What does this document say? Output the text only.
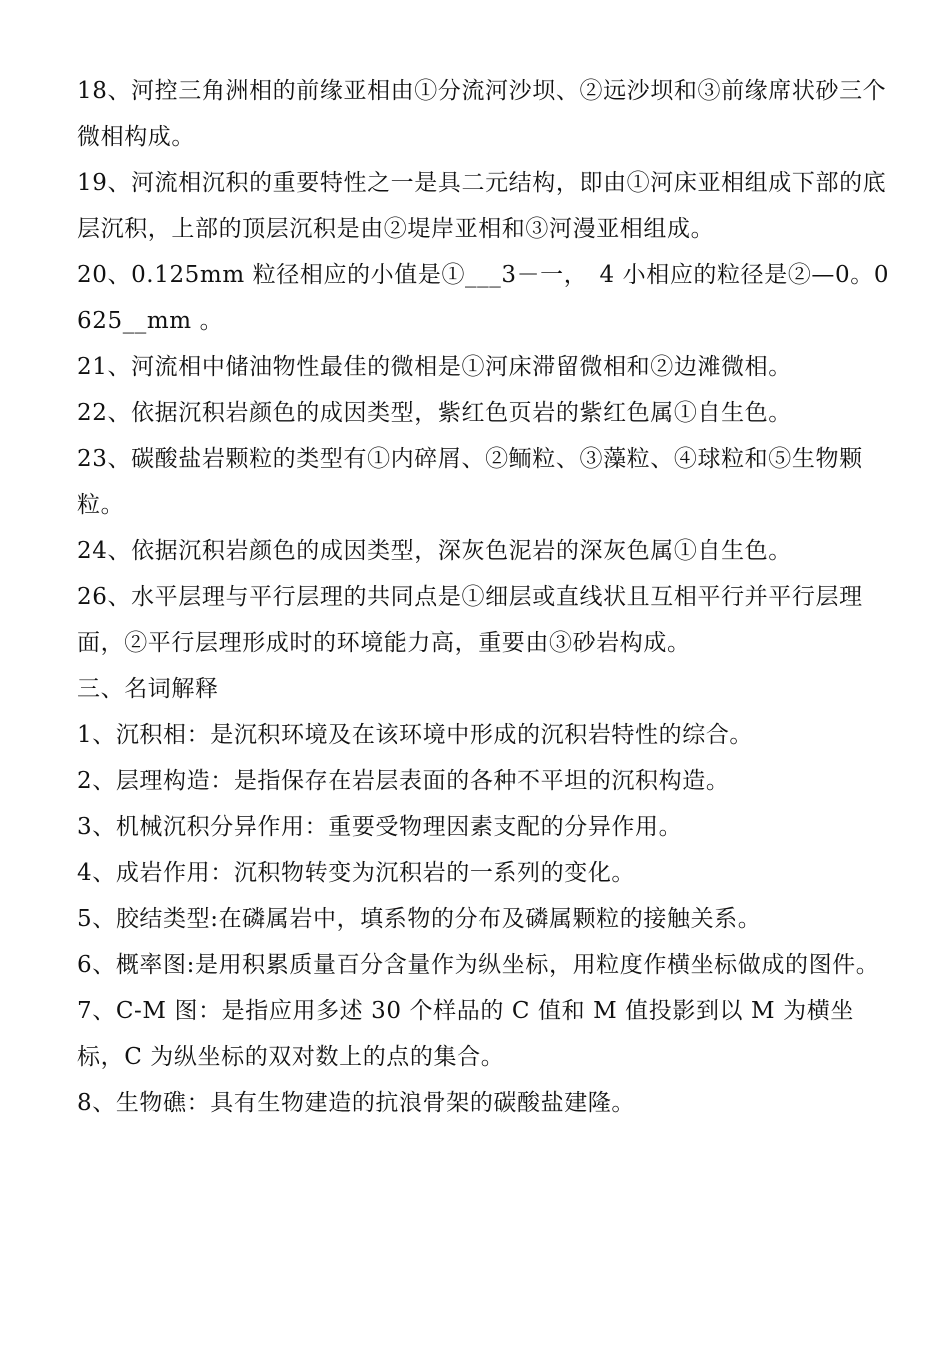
18、河控三角洲相的前缘亚相由①分流河沙坝、②远沙坝和③前缘席状砂三个微相构成。

19、河流相沉积的重要特性之一是具二元结构，即由①河床亚相组成下部的底层沉积，上部的顶层沉积是由②堤岸亚相和③河漫亚相组成。

20、0.125mm 粒径相应的小值是①___3－一，　4 小相应的粒径是②—0。0625__mm 。

21、河流相中储油物性最佳的微相是①河床滞留微相和②边滩微相。

22、依据沉积岩颜色的成因类型，紫红色页岩的紫红色属①自生色。

23、碳酸盐岩颗粒的类型有①内碎屑、②鲕粒、③藻粒、④球粒和⑤生物颗粒。

24、依据沉积岩颜色的成因类型，深灰色泥岩的深灰色属①自生色。

26、水平层理与平行层理的共同点是①细层或直线状且互相平行并平行层理面，②平行层理形成时的环境能力高，重要由③砂岩构成。

三、名词解释

1、沉积相：是沉积环境及在该环境中形成的沉积岩特性的综合。

2、层理构造：是指保存在岩层表面的各种不平坦的沉积构造。

3、机械沉积分异作用：重要受物理因素支配的分异作用。

4、成岩作用：沉积物转变为沉积岩的一系列的变化。

5、胶结类型:在磷属岩中，填系物的分布及磷属颗粒的接触关系。

6、概率图:是用积累质量百分含量作为纵坐标，用粒度作横坐标做成的图件。

7、C-M 图：是指应用多述 30 个样品的 C 值和 M 值投影到以 M 为横坐标，C 为纵坐标的双对数上的点的集合。

8、生物礁：具有生物建造的抗浪骨架的碳酸盐建隆。
